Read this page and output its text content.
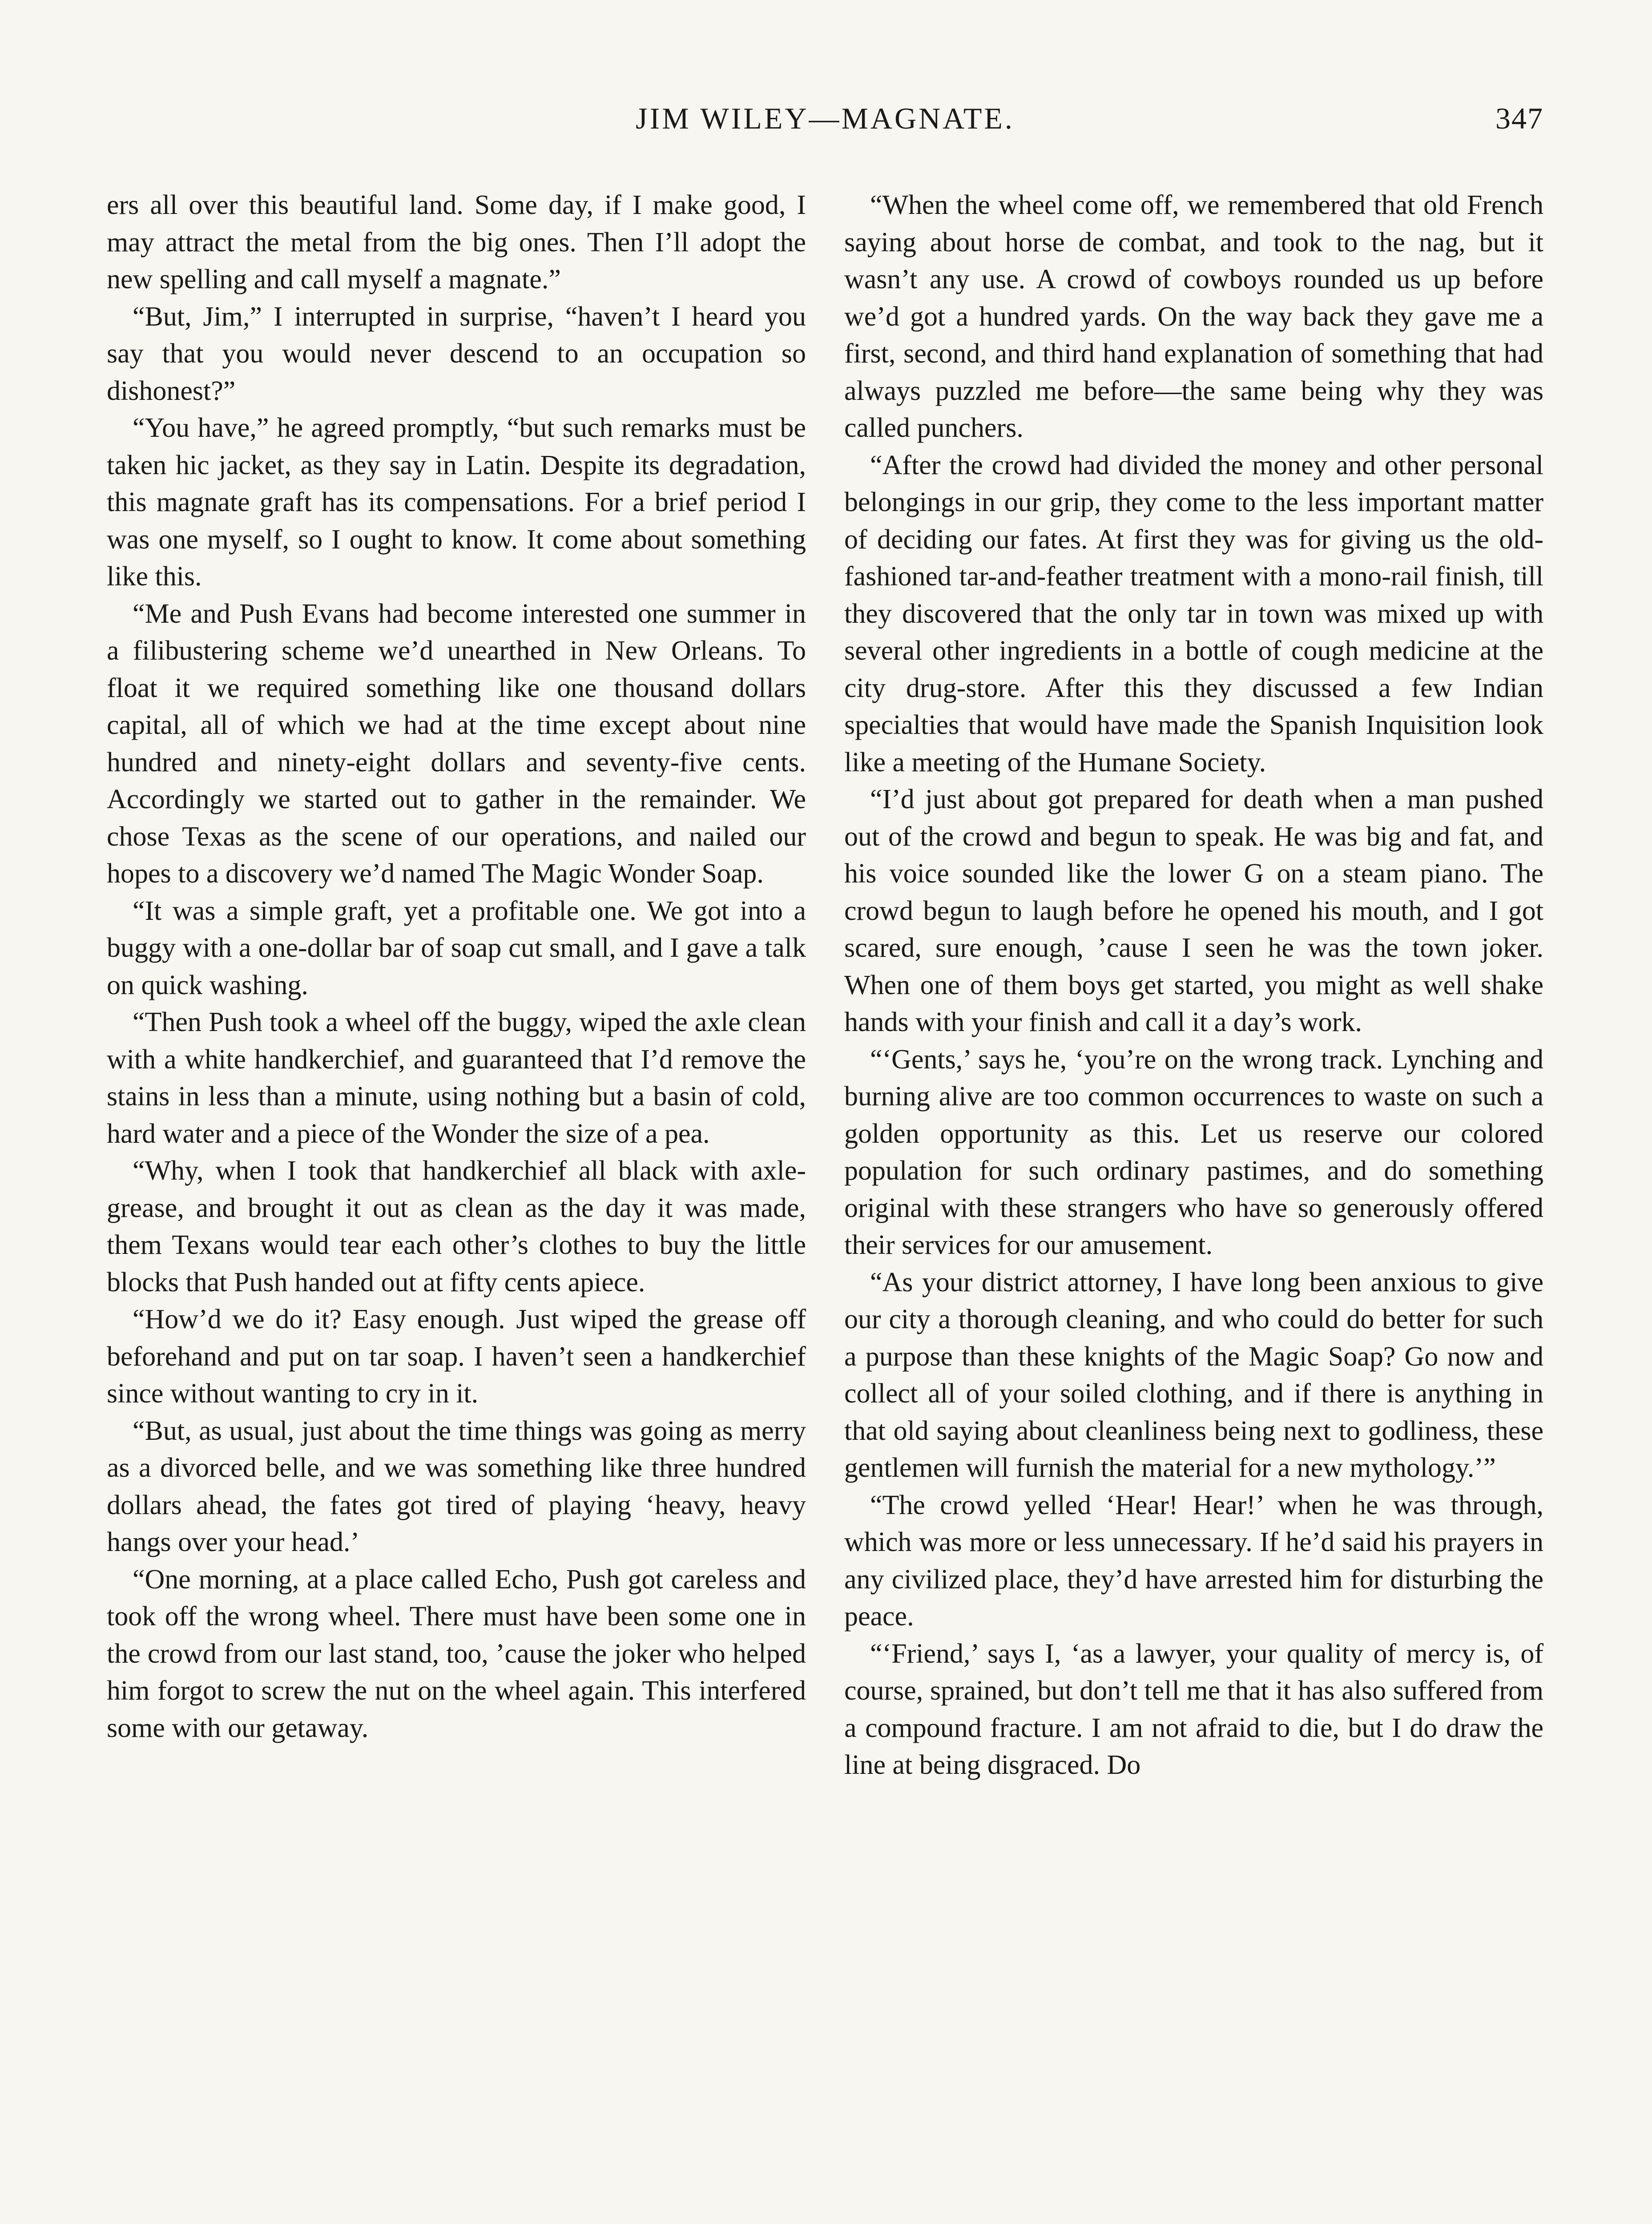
JIM WILEY—MAGNATE.	347

ers all over this beautiful land. Some day, if I make good, I may attract the metal from the big ones. Then I’ll adopt the new spelling and call myself a magnate.”

“But, Jim,” I interrupted in surprise, “haven’t I heard you say that you would never descend to an occupation so dishonest?”

“You have,” he agreed promptly, “but such remarks must be taken hic jacket, as they say in Latin. Despite its degradation, this magnate graft has its compensations. For a brief period I was one myself, so I ought to know. It come about something like this.

“Me and Push Evans had become interested one summer in a filibustering scheme we’d unearthed in New Orleans. To float it we required something like one thousand dollars capital, all of which we had at the time except about nine hundred and ninety-eight dollars and seventy-five cents. Accordingly we started out to gather in the remainder. We chose Texas as the scene of our operations, and nailed our hopes to a discovery we’d named The Magic Wonder Soap.

“It was a simple graft, yet a profitable one. We got into a buggy with a one-dollar bar of soap cut small, and I gave a talk on quick washing.

“Then Push took a wheel off the buggy, wiped the axle clean with a white handkerchief, and guaranteed that I’d remove the stains in less than a minute, using nothing but a basin of cold, hard water and a piece of the Wonder the size of a pea.

“Why, when I took that handkerchief all black with axle-grease, and brought it out as clean as the day it was made, them Texans would tear each other’s clothes to buy the little blocks that Push handed out at fifty cents apiece.

“How’d we do it? Easy enough. Just wiped the grease off beforehand and put on tar soap. I haven’t seen a handkerchief since without wanting to cry in it.

“But, as usual, just about the time things was going as merry as a divorced belle, and we was something like three hundred dollars ahead, the fates got tired of playing ‘heavy, heavy hangs over your head.’

“One morning, at a place called Echo, Push got careless and took off the wrong wheel. There must have been some one in the crowd from our last stand, too, ’cause the joker who helped him forgot to screw the nut on the wheel again. This interfered some with our getaway.

“When the wheel come off, we remembered that old French saying about horse de combat, and took to the nag, but it wasn’t any use. A crowd of cowboys rounded us up before we’d got a hundred yards. On the way back they gave me a first, second, and third hand explanation of something that had always puzzled me before—the same being why they was called punchers.

“After the crowd had divided the money and other personal belongings in our grip, they come to the less important matter of deciding our fates. At first they was for giving us the old-fashioned tar-and-feather treatment with a mono-rail finish, till they discovered that the only tar in town was mixed up with several other ingredients in a bottle of cough medicine at the city drug-store. After this they discussed a few Indian specialties that would have made the Spanish Inquisition look like a meeting of the Humane Society.

“I’d just about got prepared for death when a man pushed out of the crowd and begun to speak. He was big and fat, and his voice sounded like the lower G on a steam piano. The crowd begun to laugh before he opened his mouth, and I got scared, sure enough, ’cause I seen he was the town joker. When one of them boys get started, you might as well shake hands with your finish and call it a day’s work.

“‘Gents,’ says he, ‘you’re on the wrong track. Lynching and burning alive are too common occurrences to waste on such a golden opportunity as this. Let us reserve our colored population for such ordinary pastimes, and do something original with these strangers who have so generously offered their services for our amusement.

“As your district attorney, I have long been anxious to give our city a thorough cleaning, and who could do better for such a purpose than these knights of the Magic Soap? Go now and collect all of your soiled clothing, and if there is anything in that old saying about cleanliness being next to godliness, these gentlemen will furnish the material for a new mythology.’”

“The crowd yelled ‘Hear! Hear!’ when he was through, which was more or less unnecessary. If he’d said his prayers in any civilized place, they’d have arrested him for disturbing the peace.

“‘Friend,’ says I, ‘as a lawyer, your quality of mercy is, of course, sprained, but don’t tell me that it has also suffered from a compound fracture. I am not afraid to die, but I do draw the line at being disgraced. Do
